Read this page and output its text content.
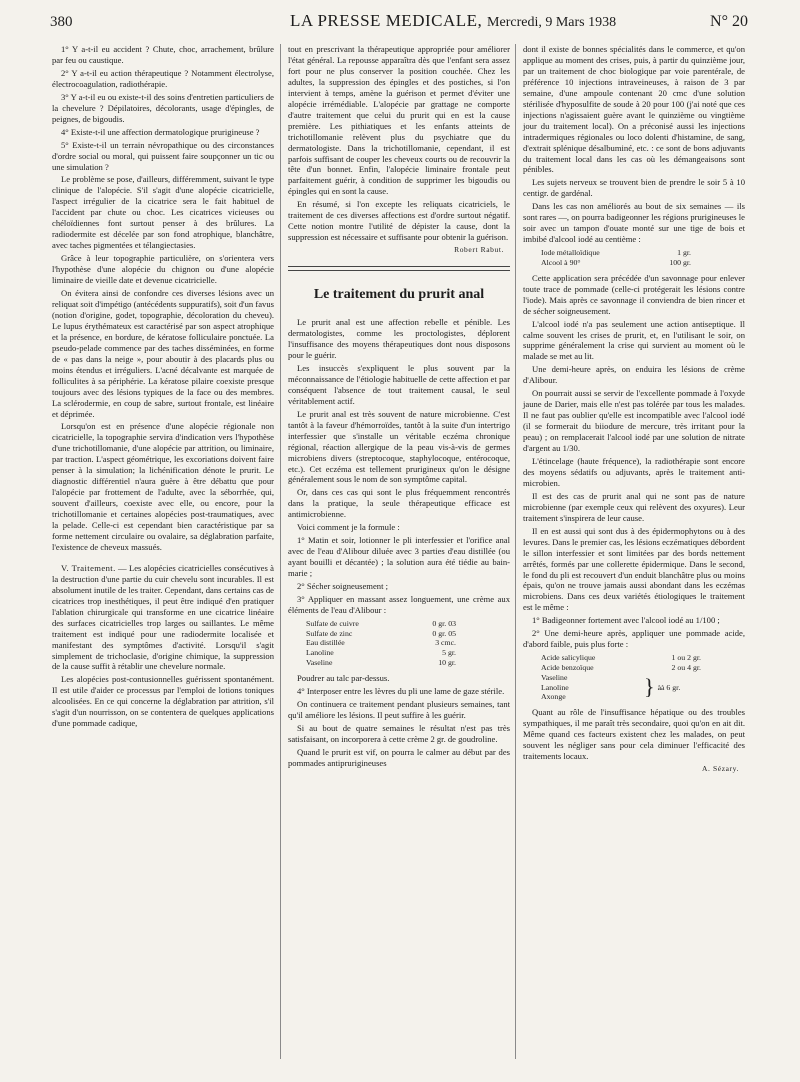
380	LA PRESSE MEDICALE, Mercredi, 9 Mars 1938	N° 20

1° Y a-t-il eu accident ? Chute, choc, arrachement, brûlure par feu ou caustique.

2° Y a-t-il eu action thérapeutique ? Notamment électrolyse, électrocoagulation, radiothérapie.

3° Y a-t-il eu ou existe-t-il des soins d'entretien particuliers de la chevelure ? Dépilatoires, décolorants, usage d'épingles, de peignes, de bigoudis.

4° Existe-t-il une affection dermatologique prurigineuse ?

5° Existe-t-il un terrain névropathique ou des circonstances d'ordre social ou moral, qui puissent faire soupçonner un tic ou une simulation ?

Le problème se pose, d'ailleurs, différemment, suivant le type clinique de l'alopécie. S'il s'agit d'une alopécie cicatricielle, l'aspect irrégulier de la cicatrice sera le fait habituel de l'accident par chute ou choc. Les cicatrices vicieuses ou chéloïdiennes font surtout penser à des brûlures. La radiodermite est décelée par son fond atrophique, blanchâtre, avec taches pigmentées et télangiectasies.

Grâce à leur topographie particulière, on s'orientera vers l'hypothèse d'une alopécie du chignon ou d'une alopécie liminaire de vieille date et devenue cicatricielle.

On évitera ainsi de confondre ces diverses lésions avec un reliquat soit d'impétigo (antécédents suppuratifs), soit d'un favus (notion d'origine, godet, topographie, décoloration du cheveu). Le lupus érythémateux est caractérisé par son aspect atrophique et la présence, en bordure, de kératose folliculaire ponctuée. La pseudo-pelade commence par des taches disséminées, en forme de « pas dans la neige », pour aboutir à des placards plus ou moins étendus et irréguliers. L'acné décalvante est marquée de folliculites à sa périphérie. La kératose pilaire coexiste presque toujours avec des lésions typiques de la face ou des membres. La sclérodermie, en coup de sabre, surtout frontale, est linéaire et déprimée.

Lorsqu'on est en présence d'une alopécie régionale non cicatricielle, la topographie servira d'indication vers l'hypothèse d'une trichotillomanie, d'une alopécie par attrition, ou liminaire, par traction. L'aspect géométrique, les excoriations doivent faire penser à la simulation; la lichénification dénote le prurit. Le diagnostic différentiel n'aura guère à être débattu que pour l'alopécie par frottement de l'adulte, avec la séborrhée, qui, souvent d'ailleurs, coexiste avec elle, ou encore, pour la trichotillomanie et certaines alopécies post-traumatiques, avec la pelade. Celle-ci est cependant bien caractéristique par sa forme nettement circulaire ou ovalaire, sa déglabration parfaite, l'existence de cheveux massués.

V. Traitement. — Les alopécies cicatricielles consécutives à la destruction d'une partie du cuir chevelu sont incurables. Il est absolument inutile de les traiter. Cependant, dans certains cas de cicatrices trop inesthétiques, il peut être indiqué d'en pratiquer l'ablation chirurgicale qui transforme en une cicatrice linéaire des surfaces cicatricielles trop larges ou saillantes. Le même traitement est indiqué pour une radiodermite localisée et manifestant des symptômes d'activité. Lorsqu'il s'agit simplement de trichoclasie, d'origine chimique, la suppression de la cause suffit à rétablir une chevelure normale.

Les alopécies post-contusionnelles guérissent spontanément. Il est utile d'aider ce processus par l'emploi de lotions toniques alcoolisées. En ce qui concerne la déglabration par attrition, s'il s'agit d'un nourrisson, on se contentera de quelques applications d'une pommade cadique,

tout en prescrivant la thérapeutique appropriée pour améliorer l'état général. La repousse apparaîtra dès que l'enfant sera assez fort pour ne plus conserver la position couchée. Chez les adultes, la suppression des épingles et des postiches, si l'on intervient à temps, amène la guérison et permet d'éviter une alopécie irrémédiable. L'alopécie par grattage ne comporte d'autre traitement que celui du prurit qui en est la cause première. Les pithiatiques et les enfants atteints de trichotillomanie relèvent plus du psychiatre que du dermatologiste. Dans la trichotillomanie, cependant, il est parfois suffisant de couper les cheveux courts ou de recouvrir la tête d'un bonnet. Enfin, l'alopécie liminaire frontale peut parfaitement guérir, à condition de supprimer les bigoudis ou épingles qui en sont la cause.

En résumé, si l'on excepte les reliquats cicatriciels, le traitement de ces diverses affections est d'ordre surtout négatif. Cette notion montre l'utilité de dépister la cause, dont la suppression est nécessaire et suffisante pour obtenir la guérison.

Robert Rabut.
Le traitement du prurit anal

Le prurit anal est une affection rebelle et pénible. Les dermatologistes, comme les proctologistes, déplorent l'insuffisance des moyens thérapeutiques dont nous disposons pour le guérir.

Les insuccès s'expliquent le plus souvent par la méconnaissance de l'étiologie habituelle de cette affection et par conséquent l'absence de tout traitement causal, le seul véritablement actif.

Le prurit anal est très souvent de nature microbienne. C'est tantôt à la faveur d'hémorroïdes, tantôt à la suite d'un intertrigo interfessier que s'installe un véritable eczéma chronique régional, réaction allergique de la peau vis-à-vis de germes microbiens divers (streptocoque, staphylocoque, entérocoque, etc.). Cet eczéma est tellement prurigineux qu'on le désigne généralement sous le nom de son symptôme capital.

Or, dans ces cas qui sont le plus fréquemment rencontrés dans la pratique, la seule thérapeutique efficace est antimicrobienne.

Voici comment je la formule :

1° Matin et soir, lotionner le pli interfessier et l'orifice anal avec de l'eau d'Alibour diluée avec 3 parties d'eau distillée (ou ayant bouilli et décantée) ; la solution aura été tiédie au bain-marie ;

2° Sécher soigneusement ;

3° Appliquer en massant assez longuement, une crème aux éléments de l'eau d'Alibour :

Sulfate de cuivre	0 gr. 03
Sulfate de zinc	0 gr. 05
Eau distillée	3 cmc.
Lanoline	5 gr.
Vaseline	10 gr.

Poudrer au talc par-dessus.

4° Interposer entre les lèvres du pli une lame de gaze stérile.

On continuera ce traitement pendant plusieurs semaines, tant qu'il améliore les lésions. Il peut suffire à les guérir.

Si au bout de quatre semaines le résultat n'est pas très satisfaisant, on incorporera à cette crème 2 gr. de goudroline.

Quand le prurit est vif, on pourra le calmer au début par des pommades antiprurigineuses

dont il existe de bonnes spécialités dans le commerce, et qu'on applique au moment des crises, puis, à partir du quinzième jour, par un traitement de choc biologique par voie parentérale, de préférence 10 injections intraveineuses, à raison de 3 par semaine, d'une ampoule contenant 20 cmc d'une solution stérilisée d'hyposulfite de soude à 20 pour 100 (j'ai noté que ces injections n'agissaient guère avant le quinzième ou vingtième jour du traitement local). On a préconisé aussi les injections intradermiques régionales ou loco dolenti d'histamine, de sang, d'extrait splénique désalbuminé, etc. : ce sont de bons adjuvants du traitement local dans les cas où les démangeaisons sont pénibles.

Les sujets nerveux se trouvent bien de prendre le soir 5 à 10 centigr. de gardénal.

Dans les cas non améliorés au bout de six semaines — ils sont rares —, on pourra badigeonner les régions prurigineuses le soir avec un tampon d'ouate monté sur une tige de bois et imbibé d'alcool iodé au centième :

Iode métalloïdique	1 gr.
Alcool à 90°	100 gr.

Cette application sera précédée d'un savonnage pour enlever toute trace de pommade (celle-ci protégerait les lésions contre l'iode). Mais après ce savonnage il conviendra de bien rincer et de sécher soigneusement.

L'alcool iodé n'a pas seulement une action antiseptique. Il calme souvent les crises de prurit, et, en l'utilisant le soir, on supprime généralement la crise qui survient au moment où le malade se met au lit.

Une demi-heure après, on enduira les lésions de crème d'Alibour.

On pourrait aussi se servir de l'excellente pommade à l'oxyde jaune de Darier, mais elle n'est pas tolérée par tous les malades. Il ne faut pas oublier qu'elle est incompatible avec l'alcool iodé (il se formerait du biiodure de mercure, très irritant pour la peau) ; on remplacerait l'alcool iodé par une solution de nitrate d'argent au 1/30.

L'étincelage (haute fréquence), la radiothérapie sont encore des moyens sédatifs ou adjuvants, après le traitement anti-microbien.

Il est des cas de prurit anal qui ne sont pas de nature microbienne (par exemple ceux qui relèvent des oxyures). Leur traitement s'inspirera de leur cause.

Il en est aussi qui sont dus à des épidermophytons ou à des levures. Dans le premier cas, les lésions eczématiques débordent le sillon interfessier et sont limitées par des bords nettement arrêtés, formés par une collerette épidermique. Dans le second, le fond du pli est recouvert d'un enduit blanchâtre plus ou moins épais, qu'on ne trouve jamais aussi abondant dans les eczémas microbiens. Dans ces deux variétés étiologiques le traitement est le même :

1° Badigeonner fortement avec l'alcool iodé au 1/100 ;

2° Une demi-heure après, appliquer une pommade acide, d'abord faible, puis plus forte :

Acide salicylique	1 ou 2 gr.
Acide benzoïque	2 ou 4 gr.
Vaseline
Lanoline
Axonge	} àà 6 gr.

Quant au rôle de l'insuffisance hépatique ou des troubles sympathiques, il me paraît très secondaire, quoi qu'on en ait dit. Même quand ces facteurs existent chez les malades, on peut souvent les négliger sans pour cela diminuer l'efficacité des traitements locaux.

A. Sézary.
